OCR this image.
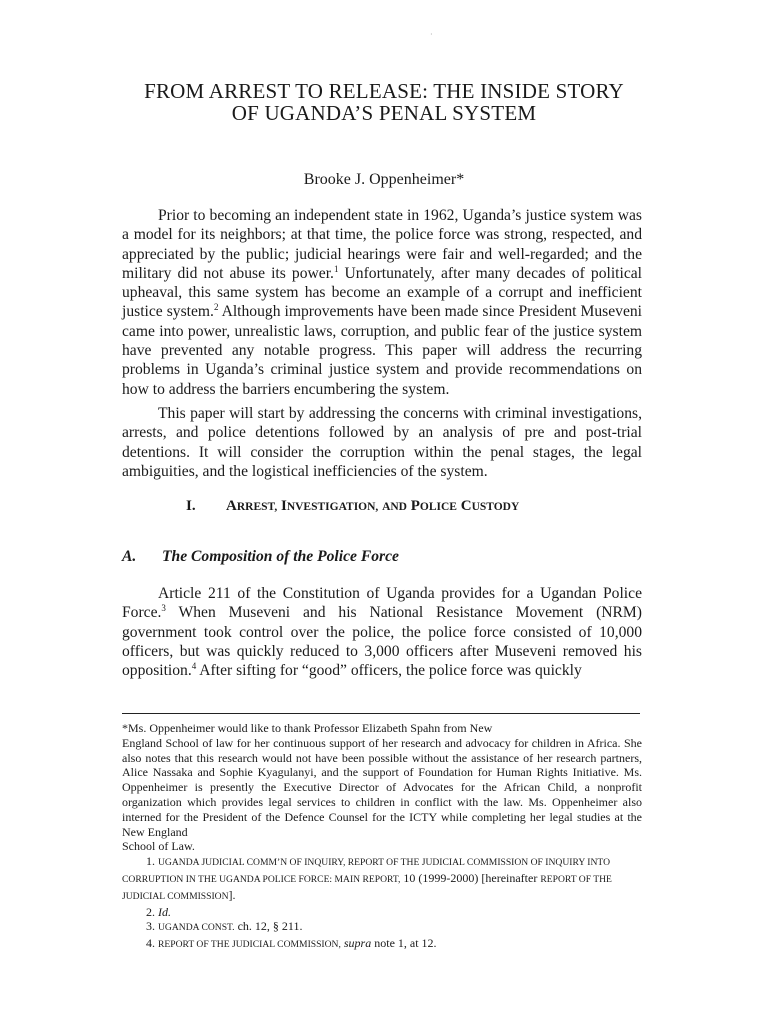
·
FROM ARREST TO RELEASE: THE INSIDE STORY
OF UGANDA’S PENAL SYSTEM
Brooke J. Oppenheimer*

Prior to becoming an independent state in 1962, Uganda’s justice system was a model for its neighbors; at that time, the police force was strong, respected, and appreciated by the public; judicial hearings were fair and well-regarded; and the military did not abuse its power.$^1$ Unfortunately, after many decades of political upheaval, this same system has become an example of a corrupt and inefficient justice system.$^2$ Although improvements have been made since President Museveni came into power, unrealistic laws, corruption, and public fear of the justice system have prevented any notable progress. This paper will address the recurring problems in Uganda’s criminal justice system and provide recommendations on how to address the barriers encumbering the system.

This paper will start by addressing the concerns with criminal investigations, arrests, and police detentions followed by an analysis of pre and post-trial detentions. It will consider the corruption within the penal stages, the legal ambiguities, and the logistical inefficiencies of the system.

I. ARREST, INVESTIGATION, AND POLICE CUSTODY
A. The Composition of the Police Force

Article 211 of the Constitution of Uganda provides for a Ugandan Police Force.$^3$ When Museveni and his National Resistance Movement (NRM) government took control over the police, the police force consisted of 10,000 officers, but was quickly reduced to 3,000 officers after Museveni removed his opposition.$^4$ After sifting for “good” officers, the police force was quickly

*Ms. Oppenheimer would like to thank Professor Elizabeth Spahn from New
England School of law for her continuous support of her research and advocacy for children in Africa. She also notes that this research would not have been possible without the assistance of her research partners, Alice Nassaka and Sophie Kyagulanyi, and the support of Foundation for Human Rights Initiative. Ms. Oppenheimer is presently the Executive Director of Advocates for the African Child, a nonprofit organization which provides legal services to children in conflict with the law. Ms. Oppenheimer also interned for the President of the Defence Counsel for the ICTY while completing her legal studies at the New England
School of Law.

1. UGANDA JUDICIAL COMM’N OF INQUIRY, REPORT OF THE JUDICIAL COMMISSION OF INQUIRY INTO CORRUPTION IN THE UGANDA POLICE FORCE: MAIN REPORT, 10 (1999-2000) [hereinafter REPORT OF THE JUDICIAL COMMISSION].

2. Id.

3. UGANDA CONST. ch. 12, § 211.

4. REPORT OF THE JUDICIAL COMMISSION, supra note 1, at 12.
